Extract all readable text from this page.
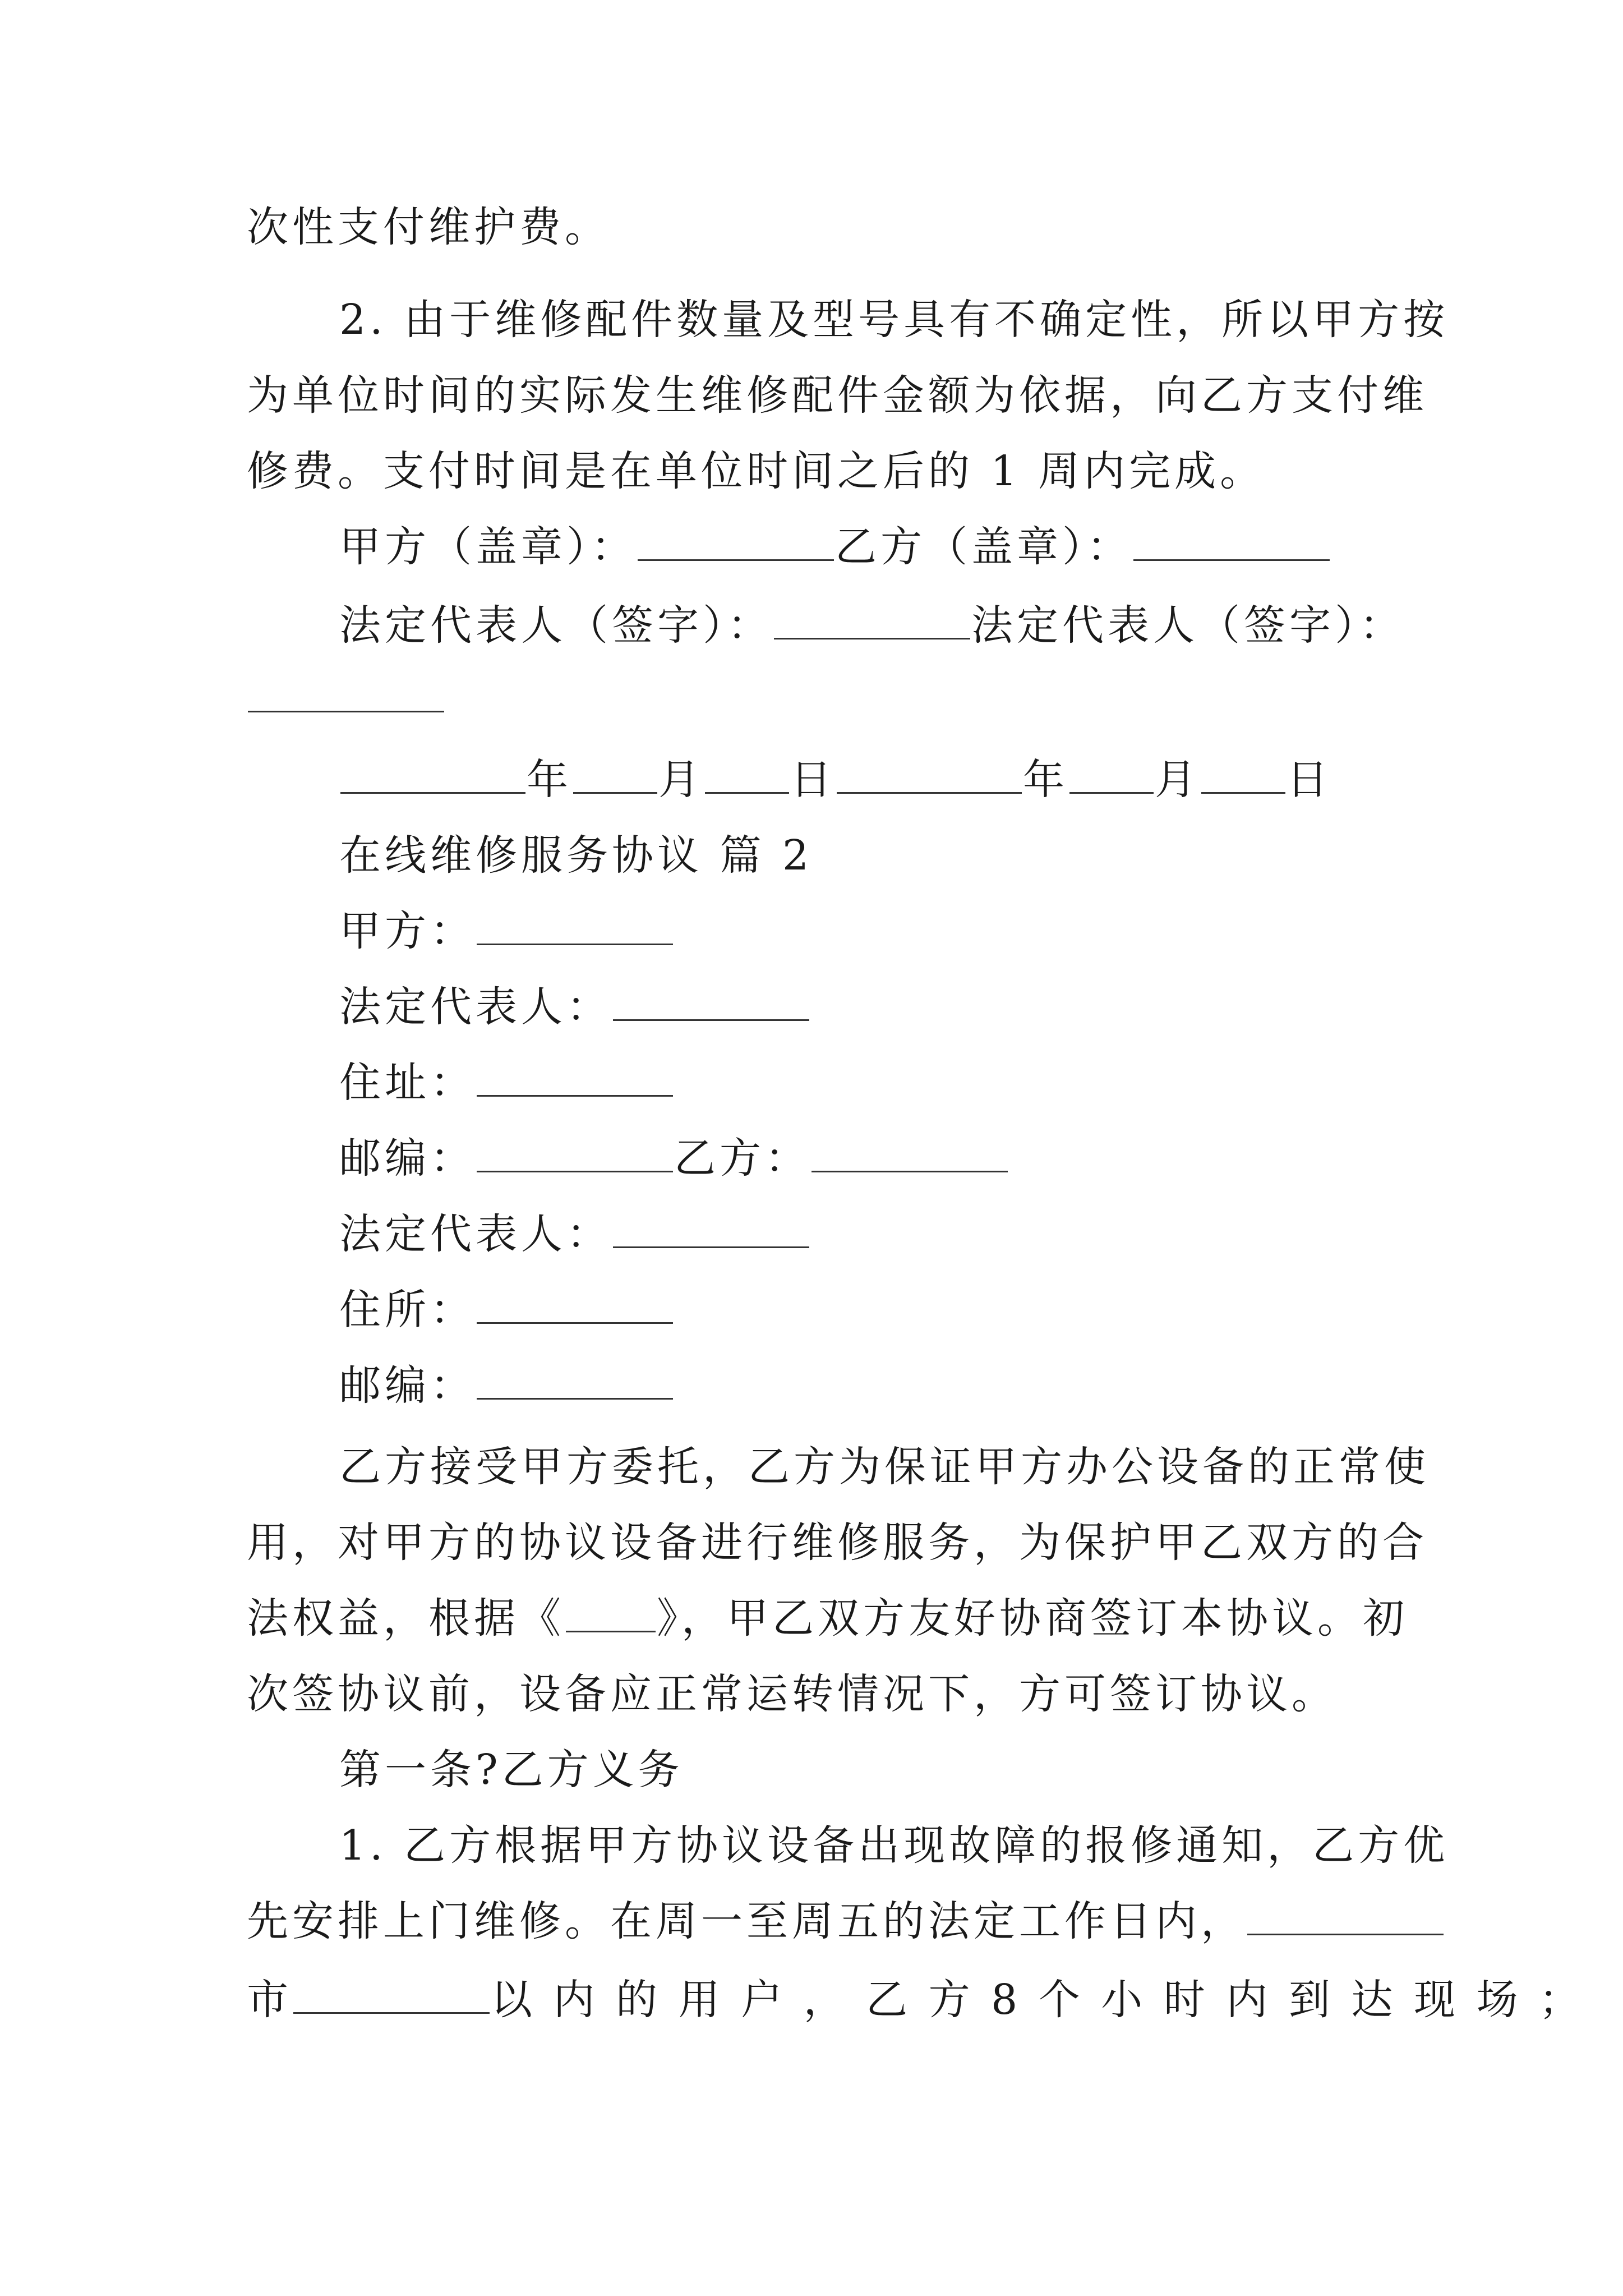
次性支付维护费。
2. 由于维修配件数量及型号具有不确定性，所以甲方按
为单位时间的实际发生维修配件金额为依据，向乙方支付维
修费。支付时间是在单位时间之后的 1 周内完成。
甲方（盖章）：	乙方（盖章）：
法定代表人（签字）：	法定代表人（签字）：
年 月 日	年 月 日
在线维修服务协议 篇 2
甲方：
法定代表人：
住址：
邮编：	乙方：
法定代表人：
住所：
邮编：
乙方接受甲方委托，乙方为保证甲方办公设备的正常使
用，对甲方的协议设备进行维修服务，为保护甲乙双方的合
法权益，根据《 》，甲乙双方友好协商签订本协议。初
次签协议前，设备应正常运转情况下，方可签订协议。
第一条?乙方义务
1. 乙方根据甲方协议设备出现故障的报修通知，乙方优
先安排上门维修。在周一至周五的法定工作日内，
市	以 内 的 用 户 ， 乙 方 8 个 小 时 内 到 达 现 场 ；
